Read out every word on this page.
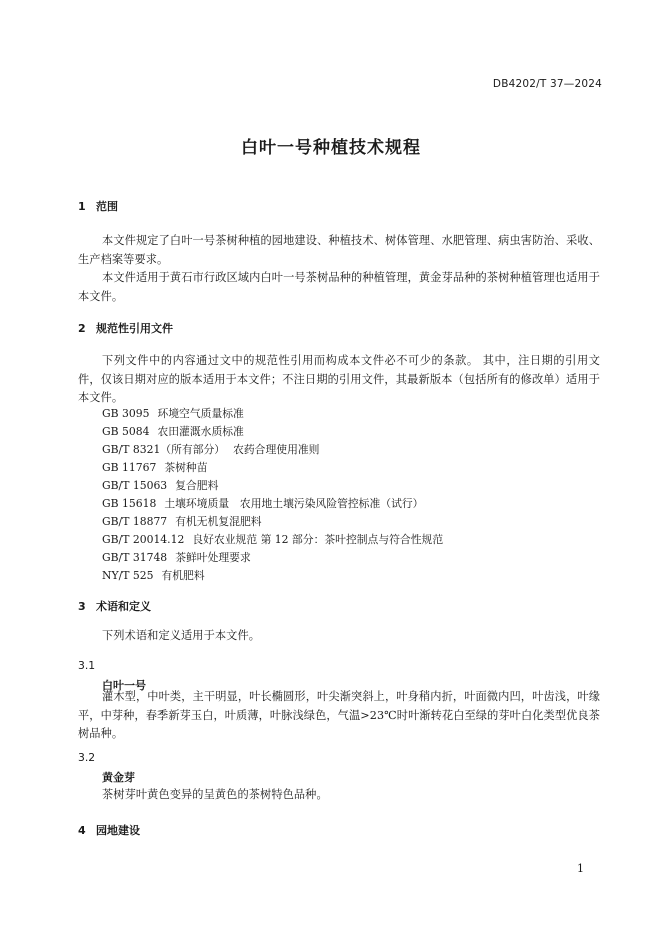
DB4202/T 37—2024
白叶一号种植技术规程
1 范围
本文件规定了白叶一号茶树种植的园地建设、种植技术、树体管理、水肥管理、病虫害防治、采收、生产档案等要求。
本文件适用于黄石市行政区域内白叶一号茶树品种的种植管理，黄金芽品种的茶树种植管理也适用于本文件。
2 规范性引用文件
下列文件中的内容通过文中的规范性引用而构成本文件必不可少的条款。 其中，注日期的引用文件，仅该日期对应的版本适用于本文件；不注日期的引用文件，其最新版本（包括所有的修改单）适用于本文件。
GB 3095 环境空气质量标准
GB 5084 农田灌溉水质标准
GB/T 8321（所有部分） 农药合理使用准则
GB 11767 茶树种苗
GB/T 15063 复合肥料
GB 15618 土壤环境质量　农用地土壤污染风险管控标准（试行）
GB/T 18877 有机无机复混肥料
GB/T 20014.12 良好农业规范 第 12 部分：茶叶控制点与符合性规范
GB/T 31748 茶鲜叶处理要求
NY/T 525 有机肥料
3 术语和定义
下列术语和定义适用于本文件。
3.1
白叶一号
灌木型，中叶类，主干明显，叶长椭圆形，叶尖渐突斜上，叶身稍内折，叶面微内凹，叶齿浅，叶缘平，中芽种，春季新芽玉白，叶质薄，叶脉浅绿色，气温>23℃时叶渐转花白至绿的芽叶白化类型优良茶树品种。
3.2
黄金芽
茶树芽叶黄色变异的呈黄色的茶树特色品种。
4 园地建设
1
